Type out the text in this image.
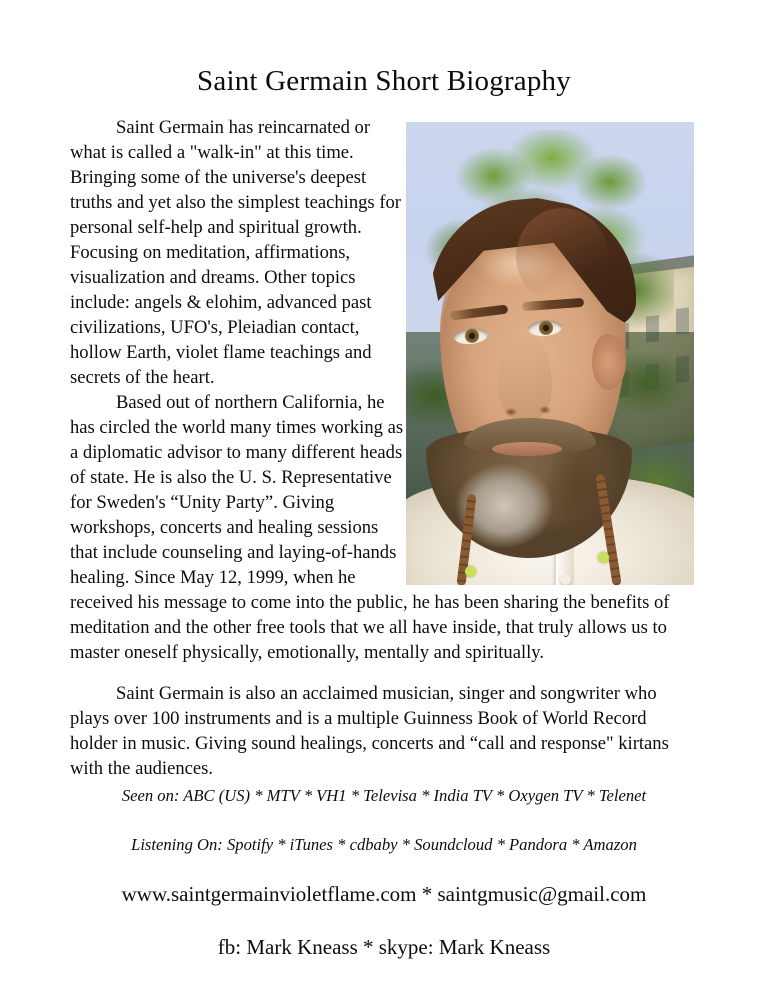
Saint Germain Short Biography

Saint Germain has reincarnated or what is called a "walk-in" at this time. Bringing some of the universe's deepest truths and yet also the simplest teachings for personal self-help and spiritual growth. Focusing on meditation, affirmations, visualization and dreams. Other topics include: angels & elohim, advanced past civilizations, UFO's, Pleiadian contact, hollow Earth, violet flame teachings and secrets of the heart.

Based out of northern California, he has circled the world many times working as a diplomatic advisor to many different heads of state. He is also the U. S. Representative for Sweden's “Unity Party”. Giving workshops, concerts and healing sessions that include counseling and laying-of-hands healing. Since May 12, 1999, when he received his message to come into the public, he has been sharing the benefits of meditation and the other free tools that we all have inside, that truly allows us to master oneself physically, emotionally, mentally and spiritually.

Saint Germain is also an acclaimed musician, singer and songwriter who plays over 100 instruments and is a multiple Guinness Book of World Record holder in music. Giving sound healings, concerts and “call and response" kirtans with the audiences.

Seen on: ABC (US) * MTV * VH1 * Televisa * India TV * Oxygen TV * Telenet
Listening On: Spotify * iTunes * cdbaby * Soundcloud * Pandora * Amazon
www.saintgermainvioletflame.com * saintgmusic@gmail.com
fb: Mark Kneass * skype: Mark Kneass
